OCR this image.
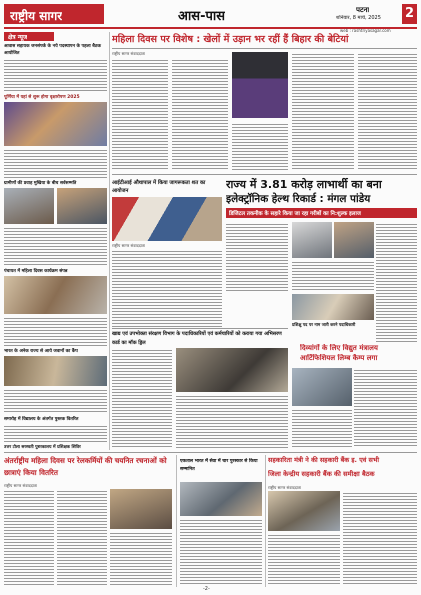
राष्ट्रीय सागर	आस-पास	पटना
शनिवार, 8 मार्च, 2025 2
web : rashtriyasagar.com
क्षेत्र न्यूज
आवास सहायक जनसंपर्क के नये पदस्थापन के पहला बैठक आयोजित
पूर्णिया में यहां से शुरू होगा वृक्षारोपण 2025
ग्रामीणों की प्रवाह मुखिया के बीच सर्वसम्मति
पंचायत में महिला दिवस कार्यक्रम संपन्न
भारत के अनेक राज्य से आये जवानों का कैंप
समारोह में विद्यालय के अंतर्गत पुस्तक वितरित
उत्तर टोला सरस्वती पुस्तकालय में प्रशिक्षक शिविर
महिला दिवस पर विशेष : खेलों में उड़ान भर रहीं हैं बिहार की बेटियां
राष्ट्रीय सागर संवाददाता
राज्य में 3.81 करोड़ लाभार्थी का बना
इलेक्ट्रॉनिक हेल्थ रिकार्ड : मंगल पांडेय
डिजिटल तकनीक के सहारे किया जा रहा गरीबों का नि:शुल्क इलाज
आईटीआई औथापाल में किया जागरूकता शत का आयोजन
राष्ट्रीय सागर संवाददाता
खाद्य एवं उपभोक्ता संरक्षण विभाग के पदाधिकारियों एवं कर्मचारियों को कराया गया अभिसरण कार्ड का मॉक ड्रिल
प्रशिक्षु पद पर नाम जारी करने पदाधिकारी
दिव्यांगों के लिए विद्युत मंत्रालय
आर्टिफिशियल लिम्ब कैम्प लगा
अंतर्राष्ट्रीय महिला दिवस पर रेलकर्मियों की चयनित रचनाओं को छात्राएं किया वितरित
राष्ट्रीय सागर संवाददाता
एकताल भारत में सेवा में चार पुरस्कार से किया सम्मानित
सहकारिता मंत्री ने की सहकारी बैंक इ. एवं सभी
जिला केन्द्रीय सहकारी बैंक की समीक्षा बैठक
राष्ट्रीय सागर संवाददाता
-2-
